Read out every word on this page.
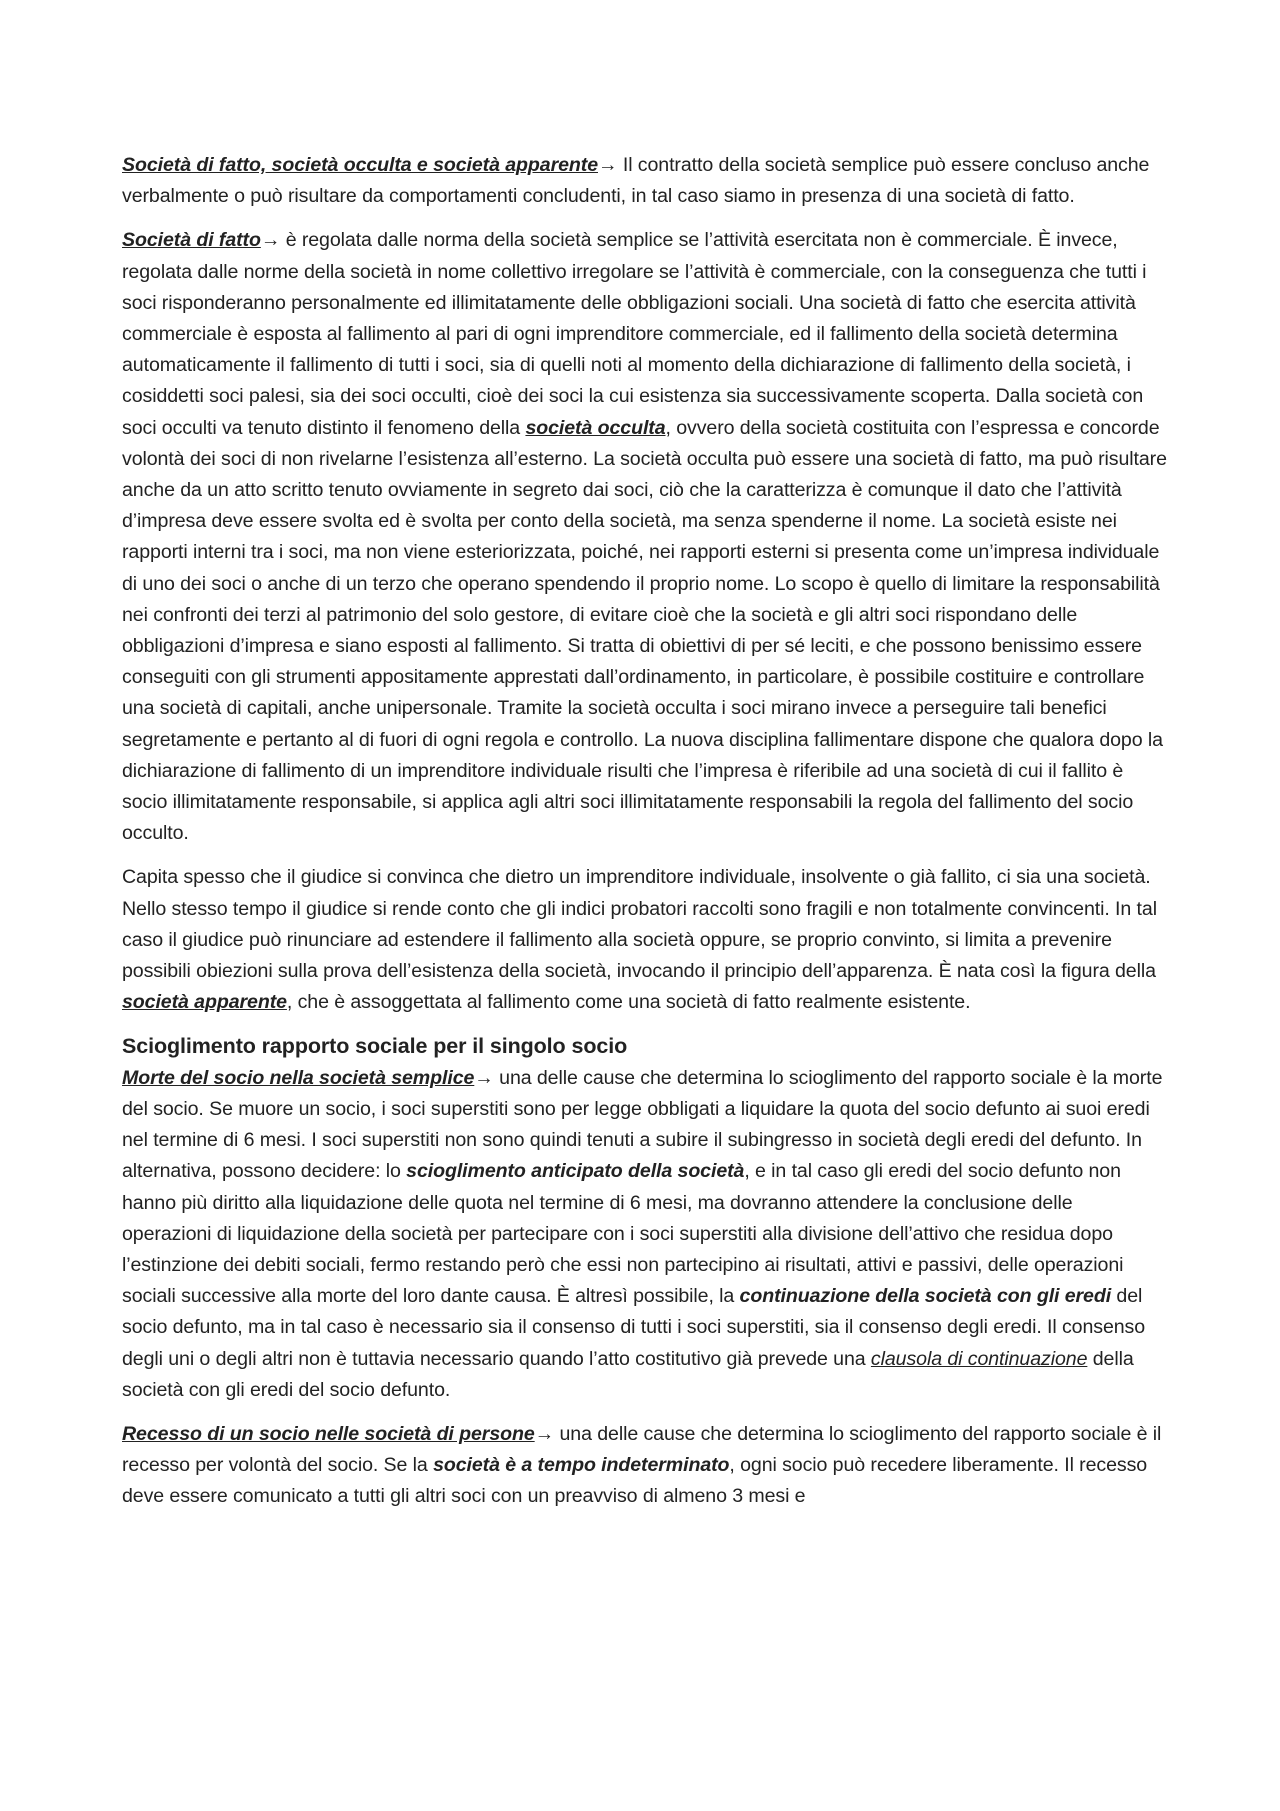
Società di fatto, società occulta e società apparente→ Il contratto della società semplice può essere concluso anche verbalmente o può risultare da comportamenti concludenti, in tal caso siamo in presenza di una società di fatto.

Società di fatto→ è regolata dalle norma della società semplice se l’attività esercitata non è commerciale. È invece, regolata dalle norme della società in nome collettivo irregolare se l’attività è commerciale, con la conseguenza che tutti i soci risponderanno personalmente ed illimitatamente delle obbligazioni sociali. Una società di fatto che esercita attività commerciale è esposta al fallimento al pari di ogni imprenditore commerciale, ed il fallimento della società determina automaticamente il fallimento di tutti i soci, sia di quelli noti al momento della dichiarazione di fallimento della società, i cosiddetti soci palesi, sia dei soci occulti, cioè dei soci la cui esistenza sia successivamente scoperta. Dalla società con soci occulti va tenuto distinto il fenomeno della società occulta, ovvero della società costituita con l’espressa e concorde volontà dei soci di non rivelarne l’esistenza all’esterno. La società occulta può essere una società di fatto, ma può risultare anche da un atto scritto tenuto ovviamente in segreto dai soci, ciò che la caratterizza è comunque il dato che l’attività d’impresa deve essere svolta ed è svolta per conto della società, ma senza spenderne il nome. La società esiste nei rapporti interni tra i soci, ma non viene esteriorizzata, poiché, nei rapporti esterni si presenta come un’impresa individuale di uno dei soci o anche di un terzo che operano spendendo il proprio nome. Lo scopo è quello di limitare la responsabilità nei confronti dei terzi al patrimonio del solo gestore, di evitare cioè che la società e gli altri soci rispondano delle obbligazioni d’impresa e siano esposti al fallimento. Si tratta di obiettivi di per sé leciti, e che possono benissimo essere conseguiti con gli strumenti appositamente apprestati dall’ordinamento, in particolare, è possibile costituire e controllare una società di capitali, anche unipersonale. Tramite la società occulta i soci mirano invece a perseguire tali benefici segretamente e pertanto al di fuori di ogni regola e controllo. La nuova disciplina fallimentare dispone che qualora dopo la dichiarazione di fallimento di un imprenditore individuale risulti che l’impresa è riferibile ad una società di cui il fallito è socio illimitatamente responsabile, si applica agli altri soci illimitatamente responsabili la regola del fallimento del socio occulto.

Capita spesso che il giudice si convinca che dietro un imprenditore individuale, insolvente o già fallito, ci sia una società. Nello stesso tempo il giudice si rende conto che gli indici probatori raccolti sono fragili e non totalmente convincenti. In tal caso il giudice può rinunciare ad estendere il fallimento alla società oppure, se proprio convinto, si limita a prevenire possibili obiezioni sulla prova dell’esistenza della società, invocando il principio dell’apparenza. È nata così la figura della società apparente, che è assoggettata al fallimento come una società di fatto realmente esistente.

Scioglimento rapporto sociale per il singolo socio

Morte del socio nella società semplice→ una delle cause che determina lo scioglimento del rapporto sociale è la morte del socio. Se muore un socio, i soci superstiti sono per legge obbligati a liquidare la quota del socio defunto ai suoi eredi nel termine di 6 mesi. I soci superstiti non sono quindi tenuti a subire il subingresso in società degli eredi del defunto. In alternativa, possono decidere: lo scioglimento anticipato della società, e in tal caso gli eredi del socio defunto non hanno più diritto alla liquidazione delle quota nel termine di 6 mesi, ma dovranno attendere la conclusione delle operazioni di liquidazione della società per partecipare con i soci superstiti alla divisione dell’attivo che residua dopo l’estinzione dei debiti sociali, fermo restando però che essi non partecipino ai risultati, attivi e passivi, delle operazioni sociali successive alla morte del loro dante causa. È altresì possibile, la continuazione della società con gli eredi del socio defunto, ma in tal caso è necessario sia il consenso di tutti i soci superstiti, sia il consenso degli eredi. Il consenso degli uni o degli altri non è tuttavia necessario quando l’atto costitutivo già prevede una clausola di continuazione della società con gli eredi del socio defunto.

Recesso di un socio nelle società di persone→ una delle cause che determina lo scioglimento del rapporto sociale è il recesso per volontà del socio. Se la società è a tempo indeterminato, ogni socio può recedere liberamente. Il recesso deve essere comunicato a tutti gli altri soci con un preavviso di almeno 3 mesi e
